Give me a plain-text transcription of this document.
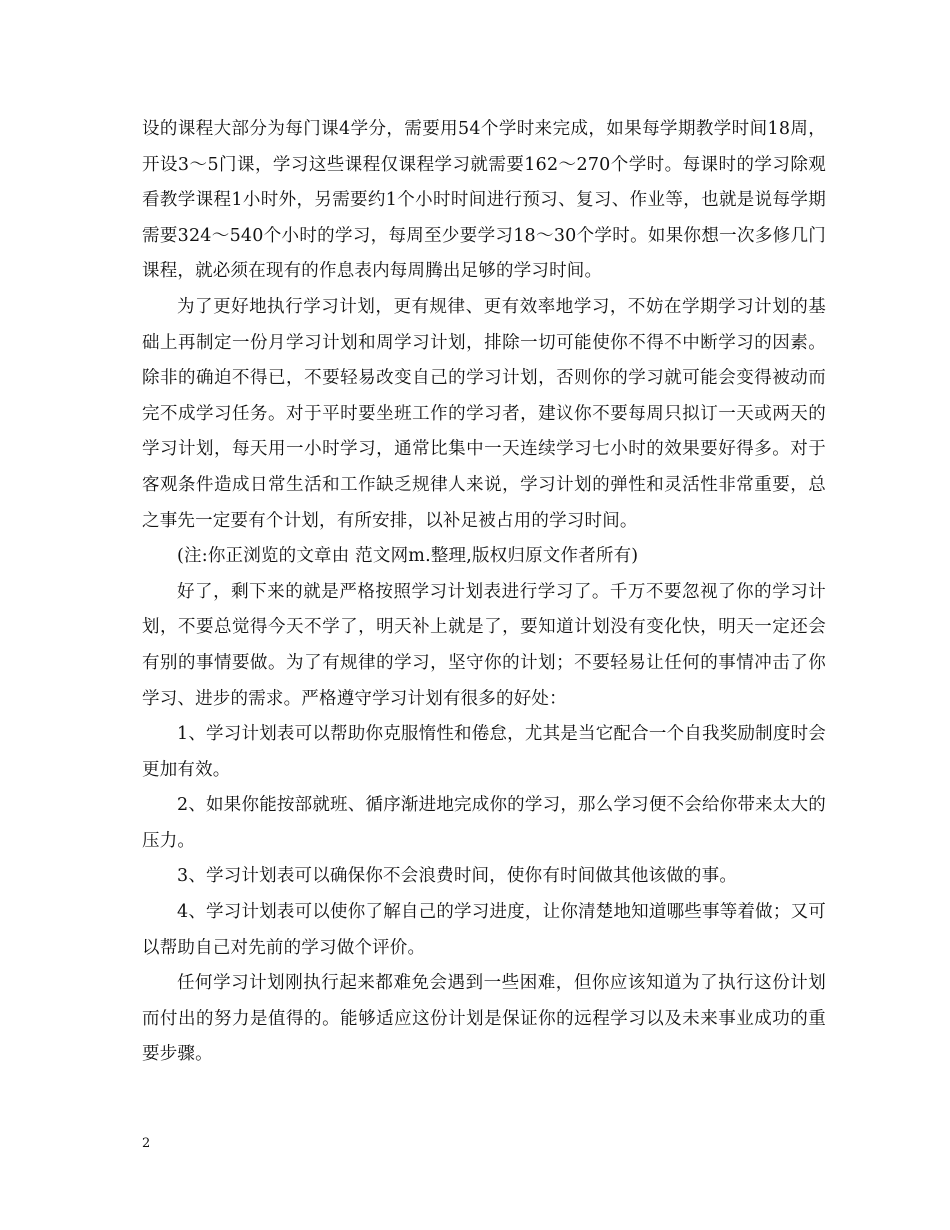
设的课程大部分为每门课4学分，需要用54个学时来完成，如果每学期教学时间18周，开设3～5门课，学习这些课程仅课程学习就需要162～270个学时。每课时的学习除观看教学课程1小时外，另需要约1个小时时间进行预习、复习、作业等，也就是说每学期需要324～540个小时的学习，每周至少要学习18～30个学时。如果你想一次多修几门课程，就必须在现有的作息表内每周腾出足够的学习时间。

为了更好地执行学习计划，更有规律、更有效率地学习，不妨在学期学习计划的基础上再制定一份月学习计划和周学习计划，排除一切可能使你不得不中断学习的因素。除非的确迫不得已，不要轻易改变自己的学习计划，否则你的学习就可能会变得被动而完不成学习任务。对于平时要坐班工作的学习者，建议你不要每周只拟订一天或两天的学习计划，每天用一小时学习，通常比集中一天连续学习七小时的效果要好得多。对于客观条件造成日常生活和工作缺乏规律人来说，学习计划的弹性和灵活性非常重要，总之事先一定要有个计划，有所安排，以补足被占用的学习时间。

(注:你正浏览的文章由 范文网m.整理,版权归原文作者所有)

好了，剩下来的就是严格按照学习计划表进行学习了。千万不要忽视了你的学习计划，不要总觉得今天不学了，明天补上就是了，要知道计划没有变化快，明天一定还会有别的事情要做。为了有规律的学习，坚守你的计划；不要轻易让任何的事情冲击了你学习、进步的需求。严格遵守学习计划有很多的好处：

1、学习计划表可以帮助你克服惰性和倦怠，尤其是当它配合一个自我奖励制度时会更加有效。

2、如果你能按部就班、循序渐进地完成你的学习，那么学习便不会给你带来太大的压力。

3、学习计划表可以确保你不会浪费时间，使你有时间做其他该做的事。

4、学习计划表可以使你了解自己的学习进度，让你清楚地知道哪些事等着做；又可以帮助自己对先前的学习做个评价。

任何学习计划刚执行起来都难免会遇到一些困难，但你应该知道为了执行这份计划而付出的努力是值得的。能够适应这份计划是保证你的远程学习以及未来事业成功的重要步骤。

2
